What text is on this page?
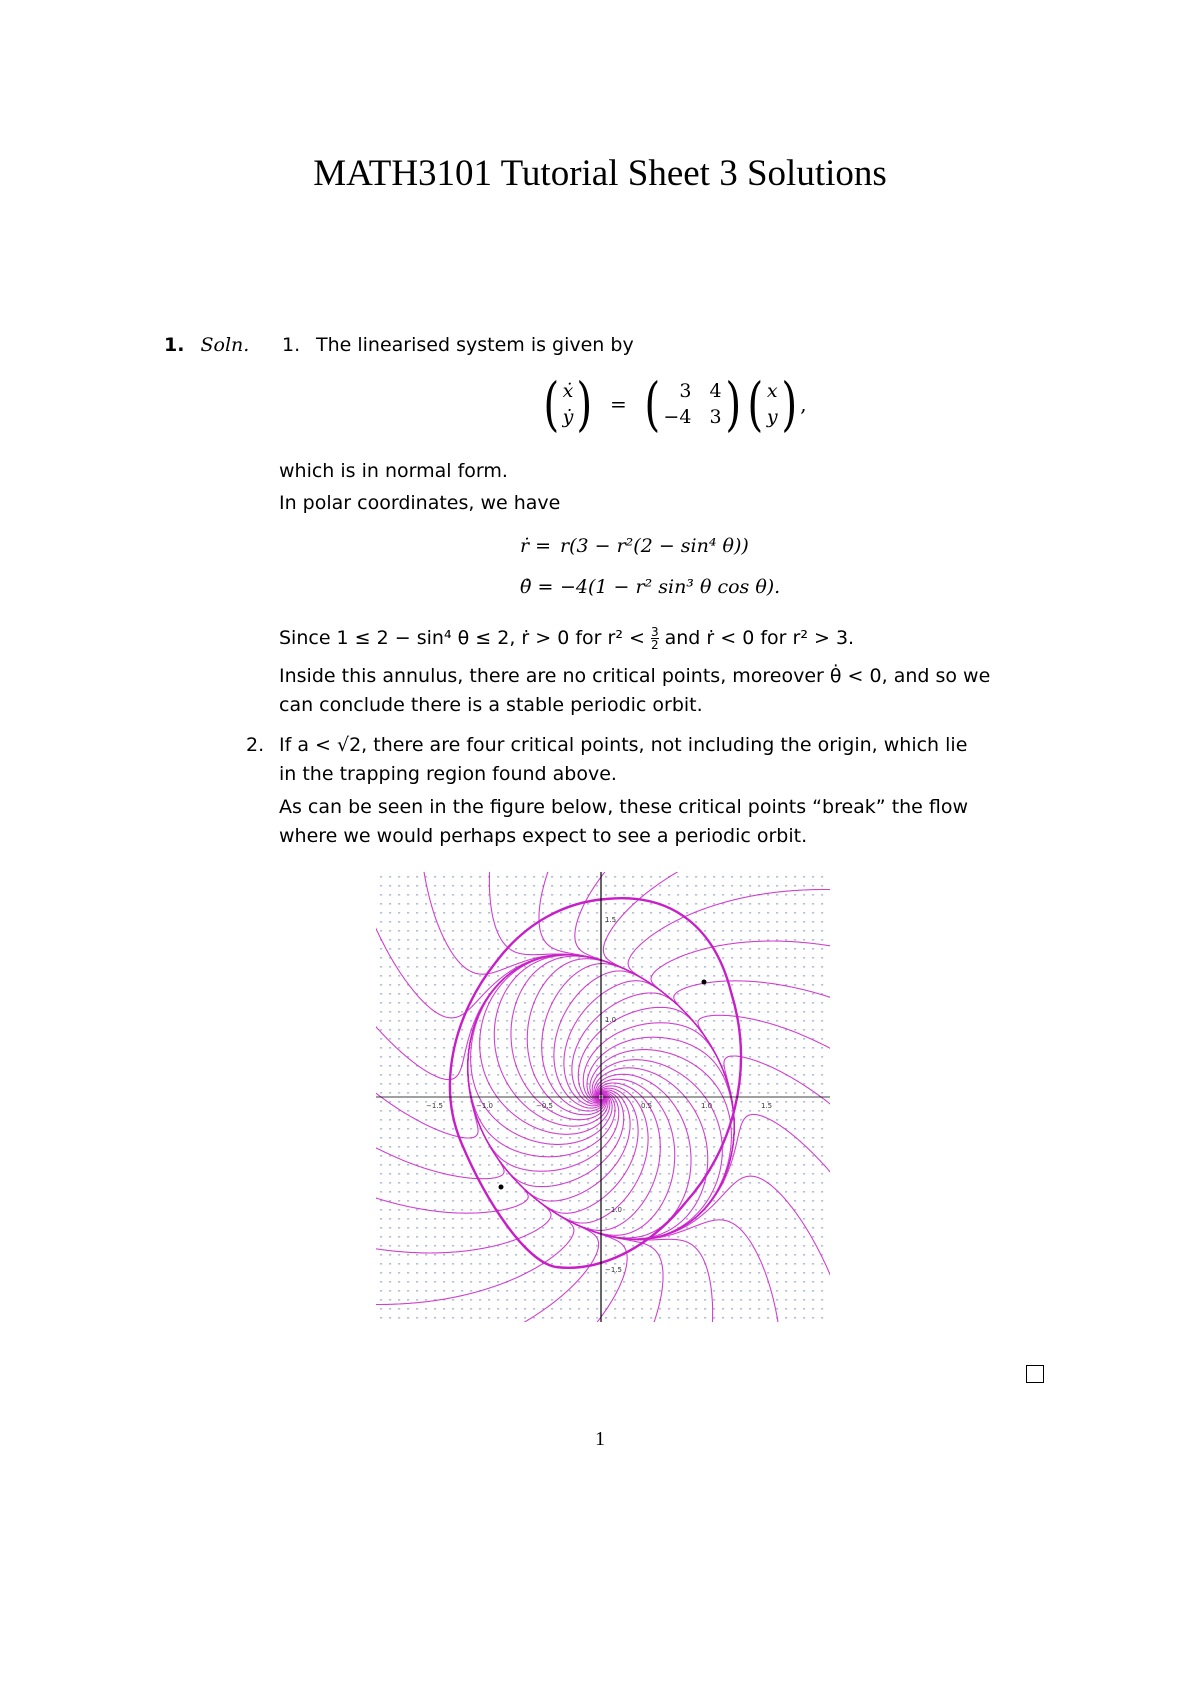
MATH3101 Tutorial Sheet 3 Solutions
1. Soln. 1. The linearised system is given by
( ẋ
ẏ ) = (	3 4
−4 3 ) ( x
y ) ,
which is in normal form.
In polar coordinates, we have
ṙ = r(3 − r²(2 − sin⁴ θ))
θ̇ = −4(1 − r² sin³ θ cos θ).
Since 1 ≤ 2 − sin⁴ θ ≤ 2, ṙ > 0 for $r^2 < \frac{3}{2}$ and ṙ < 0 for r² > 3.
Inside this annulus, there are no critical points, moreover θ̇ < 0, and so we
can conclude there is a stable periodic orbit.
2. If a < √2, there are four critical points, not including the origin, which lie
in the trapping region found above.
As can be seen in the figure below, these critical points “break” the flow
where we would perhaps expect to see a periodic orbit.
1.5
1.0
−1.0
−1.5
−1.5	−1.0	−0.5	0.5	1.0	1.5
1
